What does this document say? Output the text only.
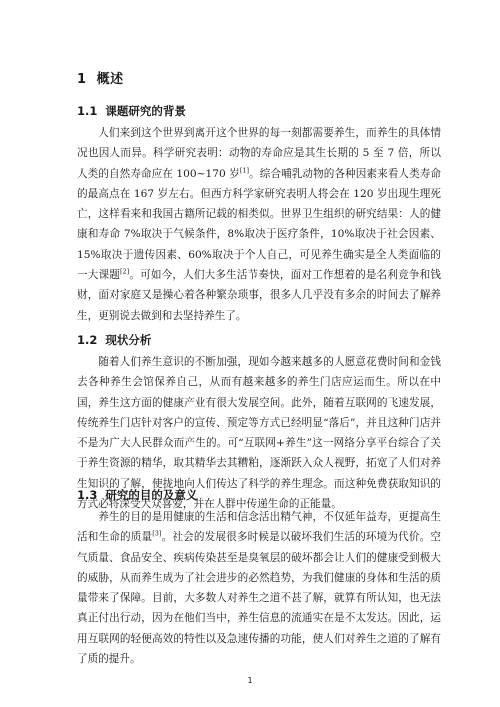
1 概述
1.1 课题研究的背景

人们来到这个世界到离开这个世界的每一刻都需要养生，而养生的具体情况也因人而异。科学研究表明：动物的寿命应是其生长期的 5 至 7 倍，所以人类的自然寿命应在 100~170 岁[1]。综合哺乳动物的各种因素来看人类寿命的最高点在 167 岁左右。但西方科学家研究表明人将会在 120 岁出现生理死亡，这样看来和我国古籍所记载的相类似。世界卫生组织的研究结果：人的健康和寿命 7%取决于气候条件，8%取决于医疗条件，10%取决于社会因素、15%取决于遗传因素、60%取决于个人自己，可见养生确实是全人类面临的一大课题[2]。可如今，人们大多生活节奏快，面对工作想着的是名利竞争和钱财，面对家庭又是操心着各种繁杂琐事，很多人几乎没有多余的时间去了解养生，更别说去做到和去坚持养生了。

1.2 现状分析

随着人们养生意识的不断加强，现如今越来越多的人愿意花费时间和金钱去各种养生会馆保养自己，从而有越来越多的养生门店应运而生。所以在中国，养生这方面的健康产业有很大发展空间。此外，随着互联网的飞速发展，传统养生门店针对客户的宣传、预定等方式已经明显“落后”，并且这种门店并不是为广大人民群众而产生的。可“互联网+养生”这一网络分享平台综合了关于养生资源的精华，取其精华去其糟粕，逐渐跃入众人视野，拓宽了人们对养生知识的了解，使拢地向人们传达了科学的养生理念。而这种免费获取知识的方式必将深受大众喜爱，并在人群中传递生命的正能量。

1.3 研究的目的及意义

养生的目的是用健康的生活和信念活出精气神，不仅延年益寿，更提高生活和生命的质量[3]。社会的发展很多时候是以破坏我们生活的环境为代价。空气质量、食品安全、疾病传染甚至是臭氧层的破坏都会让人们的健康受到极大的威胁，从而养生成为了社会进步的必然趋势，为我们健康的身体和生活的质量带来了保障。目前，大多数人对养生之道不甚了解，就算有所认知，也无法真正付出行动，因为在他们当中，养生信息的流通实在是不太发达。因此，运用互联网的轻便高效的特性以及急速传播的功能，使人们对养生之道的了解有了质的提升。

1
